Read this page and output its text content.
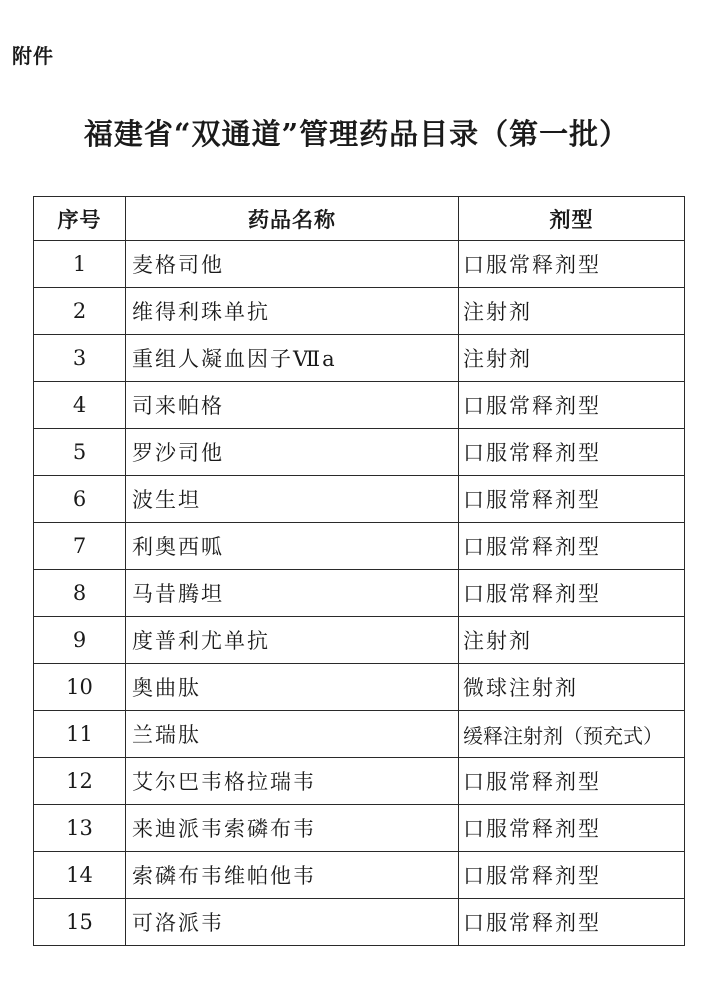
附件
福建省“双通道”管理药品目录（第一批）
序号	药品名称	剂型
1	麦格司他	口服常释剂型
2	维得利珠单抗	注射剂
3	重组人凝血因子Ⅶa	注射剂
4	司来帕格	口服常释剂型
5	罗沙司他	口服常释剂型
6	波生坦	口服常释剂型
7	利奥西呱	口服常释剂型
8	马昔腾坦	口服常释剂型
9	度普利尤单抗	注射剂
10	奥曲肽	微球注射剂
11	兰瑞肽	缓释注射剂（预充式）
12	艾尔巴韦格拉瑞韦	口服常释剂型
13	来迪派韦索磷布韦	口服常释剂型
14	索磷布韦维帕他韦	口服常释剂型
15	可洛派韦	口服常释剂型
